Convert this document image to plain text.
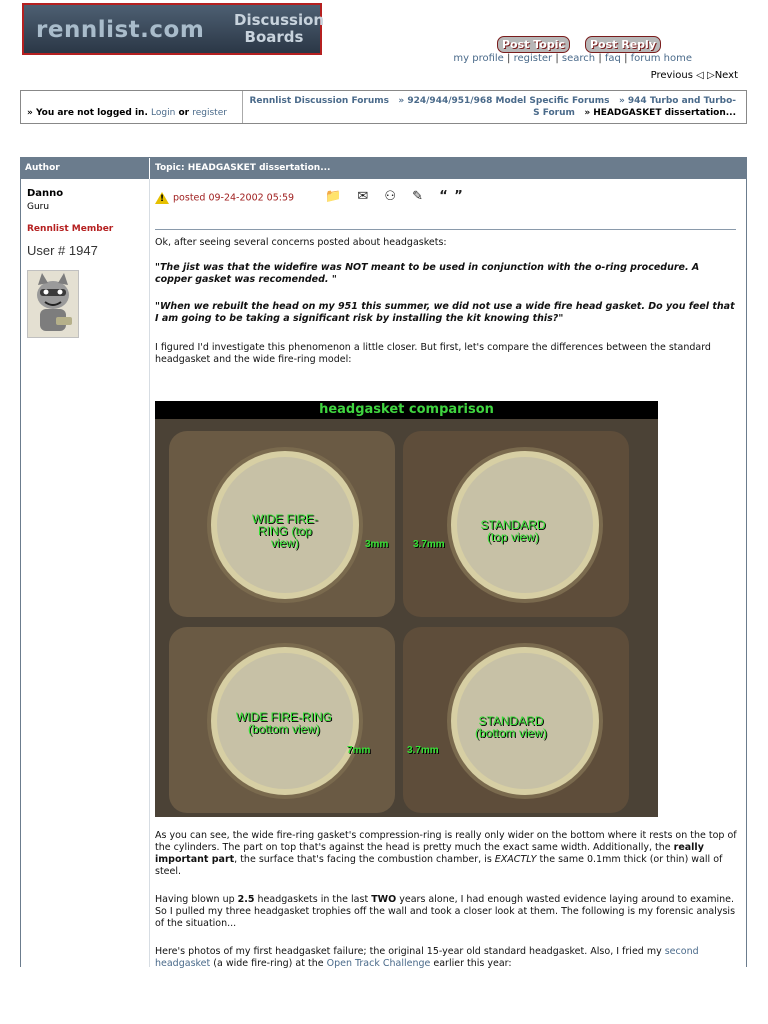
rennlist.com Discussion Boards	Post Topic	Post Reply
my profile | register | search | faq | forum home
Previous ◁ ▷Next
» You are not logged in. Login or register
Rennlist Discussion Forums » 924/944/951/968 Model Specific Forums » 944 Turbo and Turbo-S Forum » HEADGASKET dissertation...
Author	Topic: HEADGASKET dissertation...
Danno
Guru
Rennlist Member
User # 1947
! posted 09-24-2002 05:59 📁 ✉ ⚇ ✎ “ ”
Ok, after seeing several concerns posted about headgaskets:
"The jist was that the widefire was NOT meant to be used in conjunction with the o-ring procedure. A copper gasket was recomended. "
"When we rebuilt the head on my 951 this summer, we did not use a wide fire head gasket. Do you feel that I am going to be taking a significant risk by installing the kit knowing this?"
I figured I'd investigate this phenomenon a little closer. But first, let's compare the differences between the standard headgasket and the wide fire-ring model:
headgasket comparison
WIDE FIRE-RING (top view)
STANDARD (top view)
WIDE FIRE-RING (bottom view)
STANDARD (bottom view)
3mm 3.7mm
7mm	3.7mm
As you can see, the wide fire-ring gasket's compression-ring is really only wider on the bottom where it rests on the top of the cylinders. The part on top that's against the head is pretty much the exact same width. Additionally, the really important part, the surface that's facing the combustion chamber, is EXACTLY the same 0.1mm thick (or thin) wall of steel.
Having blown up 2.5 headgaskets in the last TWO years alone, I had enough wasted evidence laying around to examine. So I pulled my three headgasket trophies off the wall and took a closer look at them. The following is my forensic analysis of the situation...
Here's photos of my first headgasket failure; the original 15-year old standard headgasket. Also, I fried my second headgasket (a wide fire-ring) at the Open Track Challenge earlier this year:
